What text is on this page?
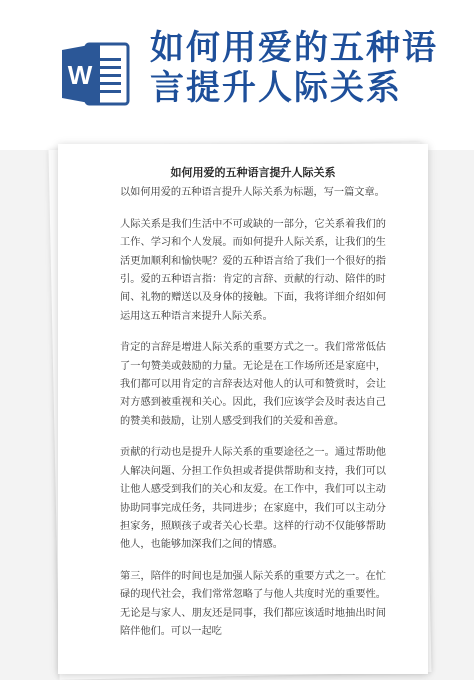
W
如何用爱的五种语言提升人际关系
如何用爱的五种语言提升人际关系

以如何用爱的五种语言提升人际关系为标题，写一篇文章。

人际关系是我们生活中不可或缺的一部分，它关系着我们的工作、学习和个人发展。而如何提升人际关系，让我们的生活更加顺利和愉快呢？爱的五种语言给了我们一个很好的指引。爱的五种语言指：肯定的言辞、贡献的行动、陪伴的时间、礼物的赠送以及身体的接触。下面，我将详细介绍如何运用这五种语言来提升人际关系。

肯定的言辞是增进人际关系的重要方式之一。我们常常低估了一句赞美或鼓励的力量。无论是在工作场所还是家庭中，我们都可以用肯定的言辞表达对他人的认可和赞赏时，会让对方感到被重视和关心。因此，我们应该学会及时表达自己的赞美和鼓励，让别人感受到我们的关爱和善意。

贡献的行动也是提升人际关系的重要途径之一。通过帮助他人解决问题、分担工作负担或者提供帮助和支持，我们可以让他人感受到我们的关心和友爱。在工作中，我们可以主动协助同事完成任务，共同进步；在家庭中，我们可以主动分担家务，照顾孩子或者关心长辈。这样的行动不仅能够帮助他人，也能够加深我们之间的情感。

第三，陪伴的时间也是加强人际关系的重要方式之一。在忙碌的现代社会，我们常常忽略了与他人共度时光的重要性。无论是与家人、朋友还是同事，我们都应该适时地抽出时间陪伴他们。可以一起吃
